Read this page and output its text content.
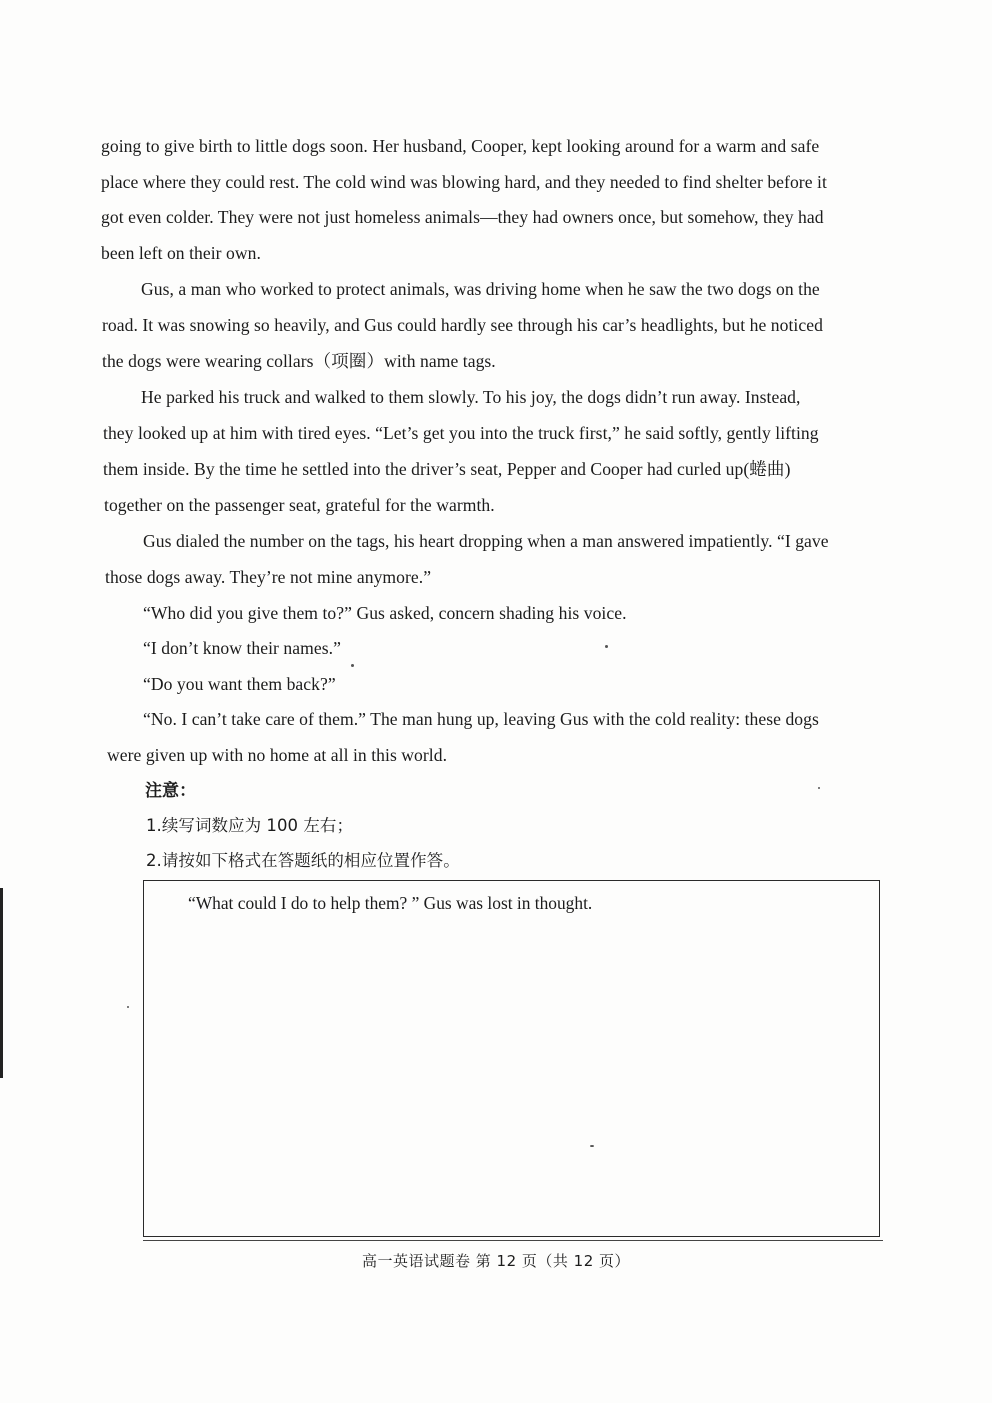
going to give birth to little dogs soon. Her husband, Cooper, kept looking around for a warm and safe
place where they could rest. The cold wind was blowing hard, and they needed to find shelter before it
got even colder. They were not just homeless animals—they had owners once, but somehow, they had
been left on their own.
Gus, a man who worked to protect animals, was driving home when he saw the two dogs on the
road. It was snowing so heavily, and Gus could hardly see through his car’s headlights, but he noticed
the dogs were wearing collars（项圈）with name tags.
He parked his truck and walked to them slowly. To his joy, the dogs didn’t run away. Instead,
they looked up at him with tired eyes. “Let’s get you into the truck first,” he said softly, gently lifting
them inside. By the time he settled into the driver’s seat, Pepper and Cooper had curled up(蜷曲)
together on the passenger seat, grateful for the warmth.
Gus dialed the number on the tags, his heart dropping when a man answered impatiently. “I gave
those dogs away. They’re not mine anymore.”
“Who did you give them to?” Gus asked, concern shading his voice.
“I don’t know their names.”
“Do you want them back?”
“No. I can’t take care of them.” The man hung up, leaving Gus with the cold reality: these dogs
were given up with no home at all in this world.
注意：
1.续写词数应为 100 左右；
2.请按如下格式在答题纸的相应位置作答。
“What could I do to help them? ” Gus was lost in thought.
高一英语试题卷 第 12 页（共 12 页）
